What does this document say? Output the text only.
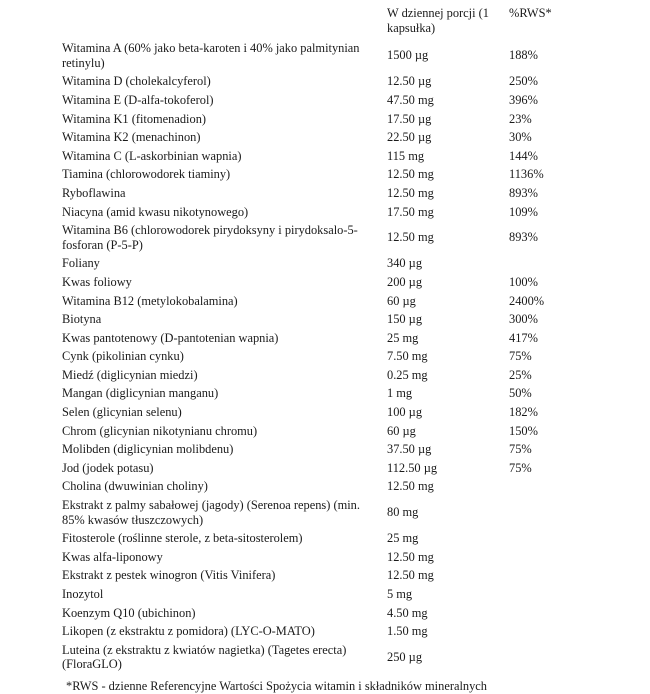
	W dziennej porcji (1 kapsułka)	%RWS*
Witamina A (60% jako beta-karoten i 40% jako palmitynian retinylu)	1500 µg	188%
Witamina D (cholekalcyferol)	12.50 µg	250%
Witamina E (D-alfa-tokoferol)	47.50 mg	396%
Witamina K1 (fitomenadion)	17.50 µg	23%
Witamina K2 (menachinon)	22.50 µg	30%
Witamina C (L-askorbinian wapnia)	115 mg	144%
Tiamina (chlorowodorek tiaminy)	12.50 mg	1136%
Ryboflawina	12.50 mg	893%
Niacyna (amid kwasu nikotynowego)	17.50 mg	109%
Witamina B6 (chlorowodorek pirydoksyny i pirydoksalo-5-fosforan (P-5-P)	12.50 mg	893%
Foliany	340 µg	
Kwas foliowy	200 µg	100%
Witamina B12 (metylokobalamina)	60 µg	2400%
Biotyna	150 µg	300%
Kwas pantotenowy (D-pantotenian wapnia)	25 mg	417%
Cynk (pikolinian cynku)	7.50 mg	75%
Miedź (diglicynian miedzi)	0.25 mg	25%
Mangan (diglicynian manganu)	1 mg	50%
Selen (glicynian selenu)	100 µg	182%
Chrom (glicynian nikotynianu chromu)	60 µg	150%
Molibden (diglicynian molibdenu)	37.50 µg	75%
Jod (jodek potasu)	112.50 µg	75%
Cholina (dwuwinian choliny)	12.50 mg	
Ekstrakt z palmy sabałowej (jagody) (Serenoa repens) (min. 85% kwasów tłuszczowych)	80 mg	
Fitosterole (roślinne sterole, z beta-sitosterolem)	25 mg	
Kwas alfa-liponowy	12.50 mg	
Ekstrakt z pestek winogron (Vitis Vinifera)	12.50 mg	
Inozytol	5 mg	
Koenzym Q10 (ubichinon)	4.50 mg	
Likopen (z ekstraktu z pomidora) (LYC-O-MATO)	1.50 mg	
Luteina (z ekstraktu z kwiatów nagietka) (Tagetes erecta) (FloraGLO)	250 µg	
*RWS - dzienne Referencyjne Wartości Spożycia witamin i składników mineralnych
